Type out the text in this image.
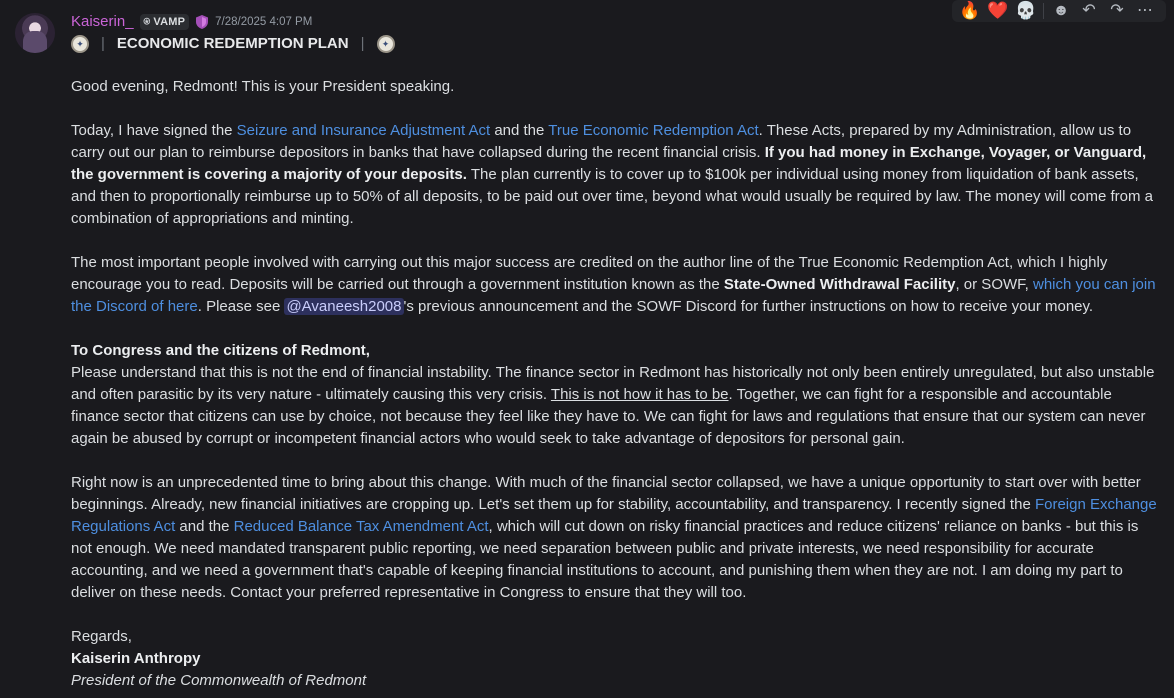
Kaiserin_ ⍟ VAMP	7/28/2025 4:07 PM
🔥 ❤️ 💀	☻ ↶ ↷ ⋯
✦	| ECONOMIC REDEMPTION PLAN |	✦

Good evening, Redmont! This is your President speaking.

Today, I have signed the Seizure and Insurance Adjustment Act and the True Economic Redemption Act. These Acts, prepared by my Administration, allow us to carry out our plan to reimburse depositors in banks that have collapsed during the recent financial crisis. If you had money in Exchange, Voyager, or Vanguard, the government is covering a majority of your deposits. The plan currently is to cover up to $100k per individual using money from liquidation of bank assets, and then to proportionally reimburse up to 50% of all deposits, to be paid out over time, beyond what would usually be required by law. The money will come from a combination of appropriations and minting.

The most important people involved with carrying out this major success are credited on the author line of the True Economic Redemption Act, which I highly encourage you to read. Deposits will be carried out through a government institution known as the State-Owned Withdrawal Facility, or SOWF, which you can join the Discord of here. Please see @Avaneesh2008 's previous announcement and the SOWF Discord for further instructions on how to receive your money.

To Congress and the citizens of Redmont,
Please understand that this is not the end of financial instability. The finance sector in Redmont has historically not only been entirely unregulated, but also unstable and often parasitic by its very nature - ultimately causing this very crisis. This is not how it has to be. Together, we can fight for a responsible and accountable finance sector that citizens can use by choice, not because they feel like they have to. We can fight for laws and regulations that ensure that our system can never again be abused by corrupt or incompetent financial actors who would seek to take advantage of depositors for personal gain.

Right now is an unprecedented time to bring about this change. With much of the financial sector collapsed, we have a unique opportunity to start over with better beginnings. Already, new financial initiatives are cropping up. Let's set them up for stability, accountability, and transparency. I recently signed the Foreign Exchange Regulations Act and the Reduced Balance Tax Amendment Act, which will cut down on risky financial practices and reduce citizens' reliance on banks - but this is not enough. We need mandated transparent public reporting, we need separation between public and private interests, we need responsibility for accurate accounting, and we need a government that's capable of keeping financial institutions to account, and punishing them when they are not. I am doing my part to deliver on these needs. Contact your preferred representative in Congress to ensure that they will too.

Regards,
Kaiserin Anthropy
President of the Commonwealth of Redmont
